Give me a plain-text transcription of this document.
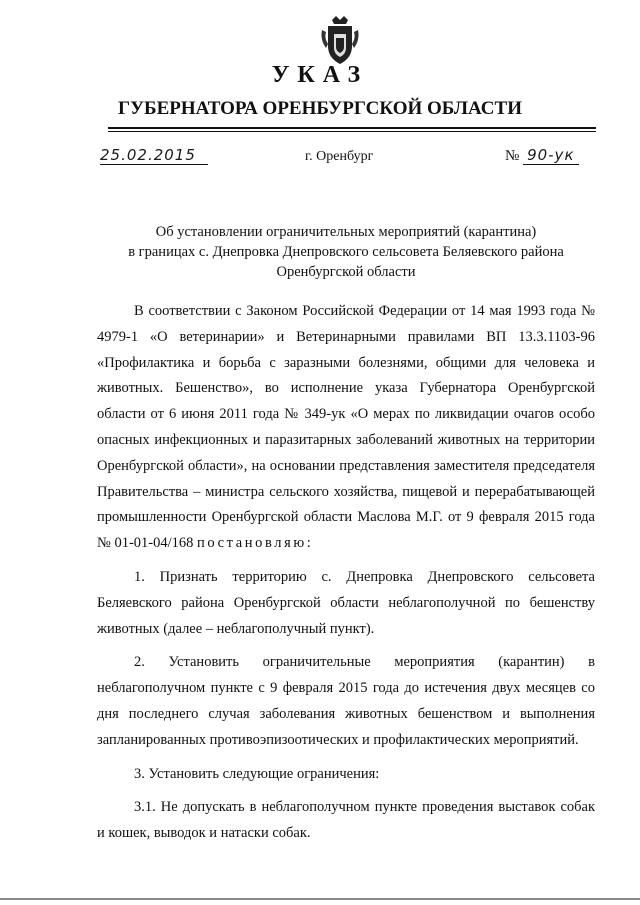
УКАЗ
ГУБЕРНАТОРА ОРЕНБУРГСКОЙ ОБЛАСТИ
25.02.2015	г. Оренбург	№ 90-ук
Об установлении ограничительных мероприятий (карантина)
в границах с. Днепровка Днепровского сельсовета Беляевского района
Оренбургской области

В соответствии с Законом Российской Федерации от 14 мая 1993 года № 4979-1 «О ветеринарии» и Ветеринарными правилами ВП 13.3.1103-96 «Профилактика и борьба с заразными болезнями, общими для человека и животных. Бешенство», во исполнение указа Губернатора Оренбургской области от 6 июня 2011 года № 349-ук «О мерах по ликвидации очагов особо опасных инфекционных и паразитарных заболеваний животных на территории Оренбургской области», на основании представления заместителя председателя Правительства – министра сельского хозяйства, пищевой и перерабатывающей промышленности Оренбургской области Маслова М.Г. от 9 февраля 2015 года № 01-01-04/168 постановляю:

1. Признать территорию с. Днепровка Днепровского сельсовета Беляевского района Оренбургской области неблагополучной по бешенству животных (далее – неблагополучный пункт).

2. Установить ограничительные мероприятия (карантин) в неблагополучном пункте с 9 февраля 2015 года до истечения двух месяцев со дня последнего случая заболевания животных бешенством и выполнения запланированных противоэпизоотических и профилактических мероприятий.

3. Установить следующие ограничения:

3.1. Не допускать в неблагополучном пункте проведения выставок собак и кошек, выводок и натаски собак.
